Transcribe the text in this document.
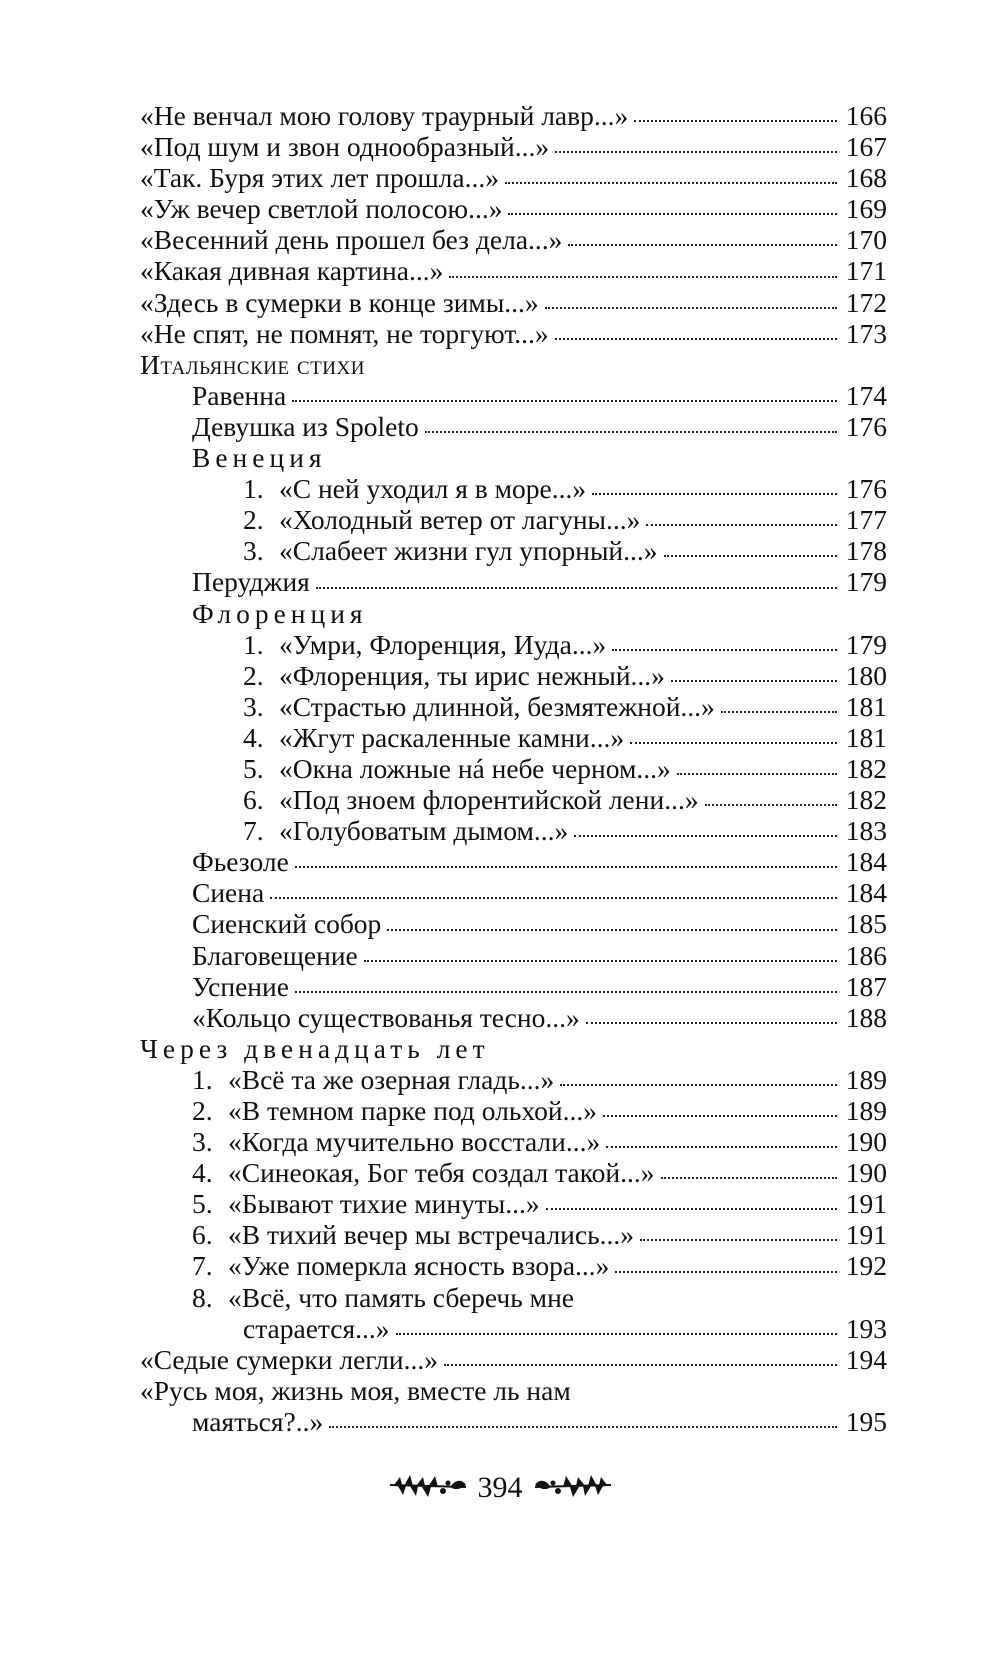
«Не венчал мою голову траурный лавр...»	166
«Под шум и звон однообразный...»	167
«Так. Буря этих лет прошла...»	168
«Уж вечер светлой полосою...»	169
«Весенний день прошел без дела...»	170
«Какая дивная картина...»	171
«Здесь в сумерки в конце зимы...»	172
«Не спят, не помнят, не торгуют...»	173
Итальянские стихи
Равенна	174
Девушка из Spoleto	176
Венеция
1. «С ней уходил я в море...»	176
2. «Холодный ветер от лагуны...»	177
3. «Слабеет жизни гул упорный...»	178
Перуджия	179
Флоренция
1. «Умри, Флоренция, Иуда...»	179
2. «Флоренция, ты ирис нежный...»	180
3. «Страстью длинной, безмятежной...»	181
4. «Жгут раскаленные камни...»	181
5. «Окна ложные нá небе черном...»	182
6. «Под зноем флорентийской лени...»	182
7. «Голубоватым дымом...»	183
Фьезоле	184
Сиена	184
Сиенский собор	185
Благовещение	186
Успение	187
«Кольцо существованья тесно...»	188
Через двенадцать лет
1. «Всё та же озерная гладь...»	189
2. «В темном парке под ольхой...»	189
3. «Когда мучительно восстали...»	190
4. «Синеокая, Бог тебя создал такой...»	190
5. «Бывают тихие минуты...»	191
6. «В тихий вечер мы встречались...»	191
7. «Уже померкла ясность взора...»	192
8. «Всё, что память сберечь мне
старается...»	193
«Седые сумерки легли...»	194
«Русь моя, жизнь моя, вместе ль нам
маяться?..»	195
394
